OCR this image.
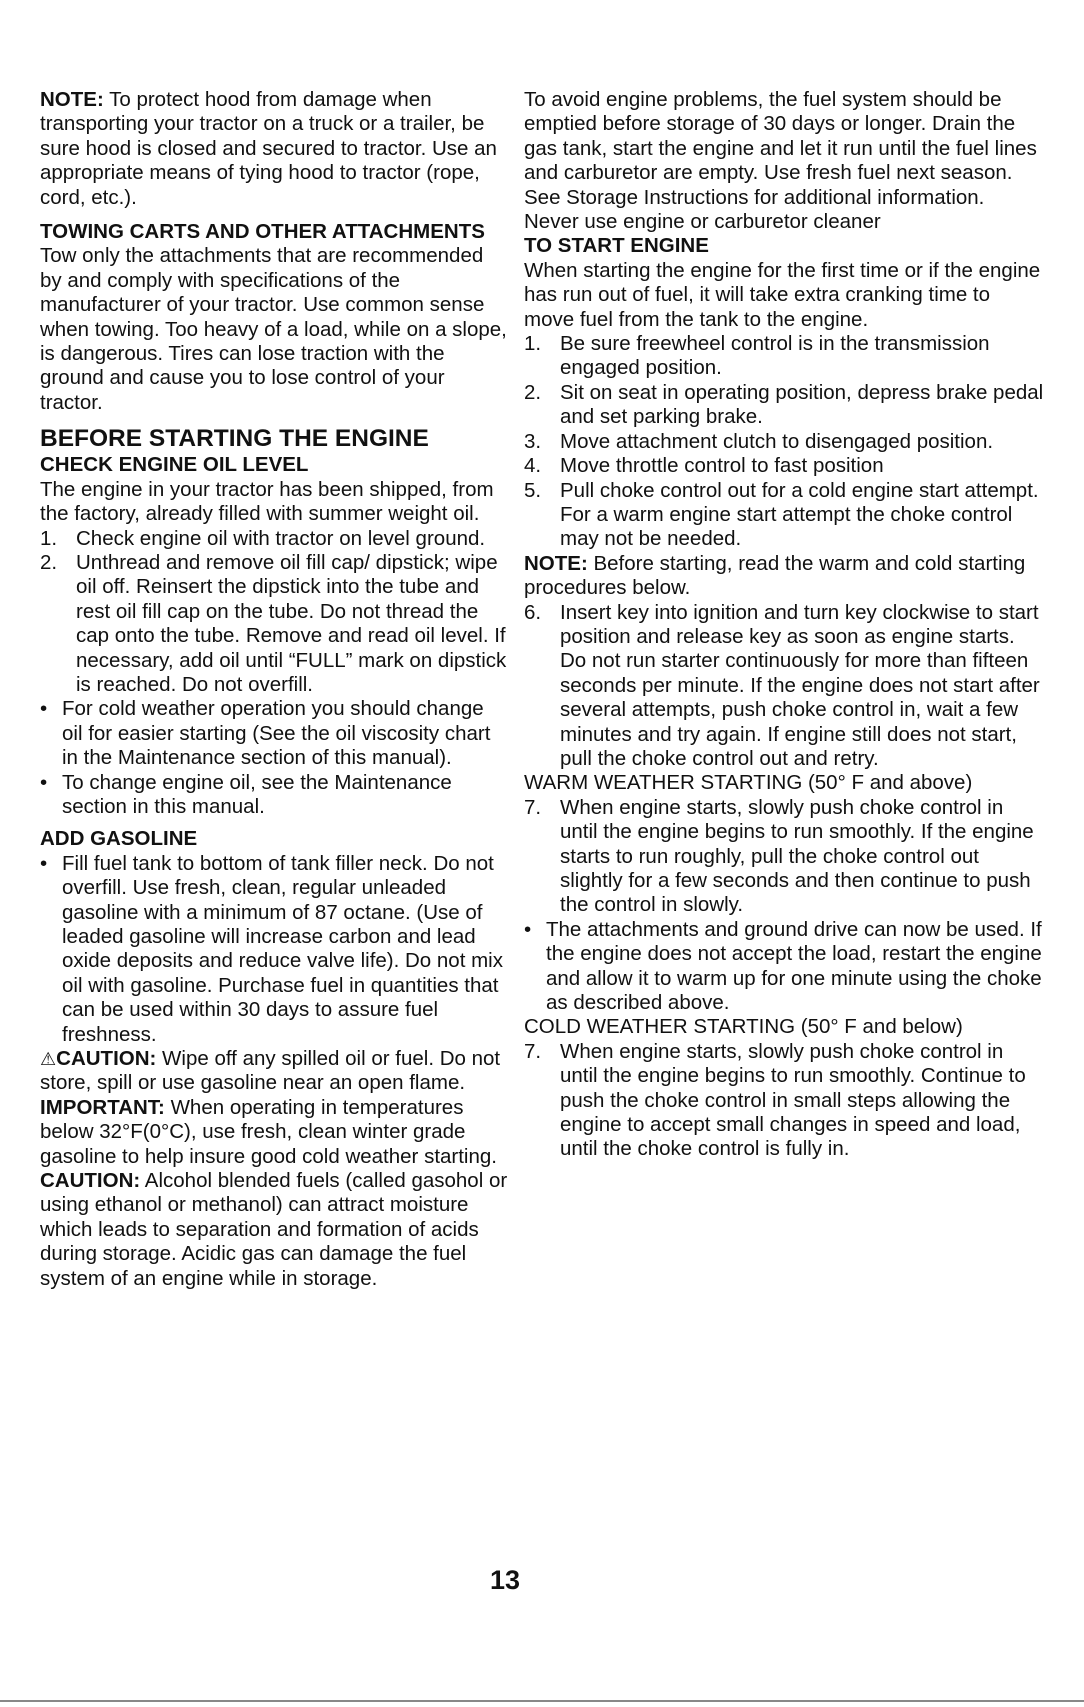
NOTE: To protect hood from damage when transporting your tractor on a truck or a trailer, be sure hood is closed and secured to tractor. Use an appropriate means of tying hood to tractor (rope, cord, etc.).

TOWING CARTS AND OTHER ATTACHMENTS

Tow only the attachments that are recommended by and comply with specifications of the manufacturer of your tractor. Use common sense when towing. Too heavy of a load, while on a slope, is dangerous. Tires can lose traction with the ground and cause you to lose control of your tractor.

BEFORE STARTING THE ENGINE

CHECK ENGINE OIL LEVEL

The engine in your tractor has been shipped, from the factory, already filled with summer weight oil.

1. Check engine oil with tractor on level ground.
2. Unthread and remove oil fill cap/ dipstick; wipe oil off. Reinsert the dipstick into the tube and rest oil fill cap on the tube. Do not thread the cap onto the tube. Remove and read oil level. If necessary, add oil until “FULL” mark on dipstick is reached. Do not overfill.
• For cold weather operation you should change oil for easier starting (See the oil viscosity chart in the Maintenance section of this manual).
• To change engine oil, see the Maintenance section in this manual.

ADD GASOLINE

• Fill fuel tank to bottom of tank filler neck. Do not overfill. Use fresh, clean, regular unleaded gasoline with a minimum of 87 octane. (Use of leaded gasoline will increase carbon and lead oxide deposits and reduce valve life). Do not mix oil with gasoline. Purchase fuel in quantities that can be used within 30 days to assure fuel freshness.

⚠CAUTION: Wipe off any spilled oil or fuel. Do not store, spill or use gasoline near an open flame.

IMPORTANT: When operating in temperatures below 32°F(0°C), use fresh, clean winter grade gasoline to help insure good cold weather starting.

CAUTION: Alcohol blended fuels (called gasohol or using ethanol or methanol) can attract moisture which leads to separation and formation of acids during storage. Acidic gas can damage the fuel system of an engine while in storage.

To avoid engine problems, the fuel system should be emptied before storage of 30 days or longer. Drain the gas tank, start the engine and let it run until the fuel lines and carburetor are empty. Use fresh fuel next season. See Storage Instructions for additional information.

Never use engine or carburetor cleaner

TO START ENGINE

When starting the engine for the first time or if the engine has run out of fuel, it will take extra cranking time to move fuel from the tank to the engine.

1. Be sure freewheel control is in the transmission engaged position.
2. Sit on seat in operating position, depress brake pedal and set parking brake.
3. Move attachment clutch to disengaged position.
4. Move throttle control to fast position
5. Pull choke control out for a cold engine start attempt. For a warm engine start attempt the choke control may not be needed.

NOTE: Before starting, read the warm and cold starting procedures below.

6. Insert key into ignition and turn key clockwise to start position and release key as soon as engine starts. Do not run starter continuously for more than fifteen seconds per minute. If the engine does not start after several attempts, push choke control in, wait a few minutes and try again. If engine still does not start, pull the choke control out and retry.

WARM WEATHER STARTING (50° F and above)

7. When engine starts, slowly push choke control in until the engine begins to run smoothly. If the engine starts to run roughly, pull the choke control out slightly for a few seconds and then continue to push the control in slowly.
• The attachments and ground drive can now be used. If the engine does not accept the load, restart the engine and allow it to warm up for one minute using the choke as described above.

COLD WEATHER STARTING (50° F and below)

7. When engine starts, slowly push choke control in until the engine begins to run smoothly. Continue to push the choke control in small steps allowing the engine to accept small changes in speed and load, until the choke control is fully in.
13
